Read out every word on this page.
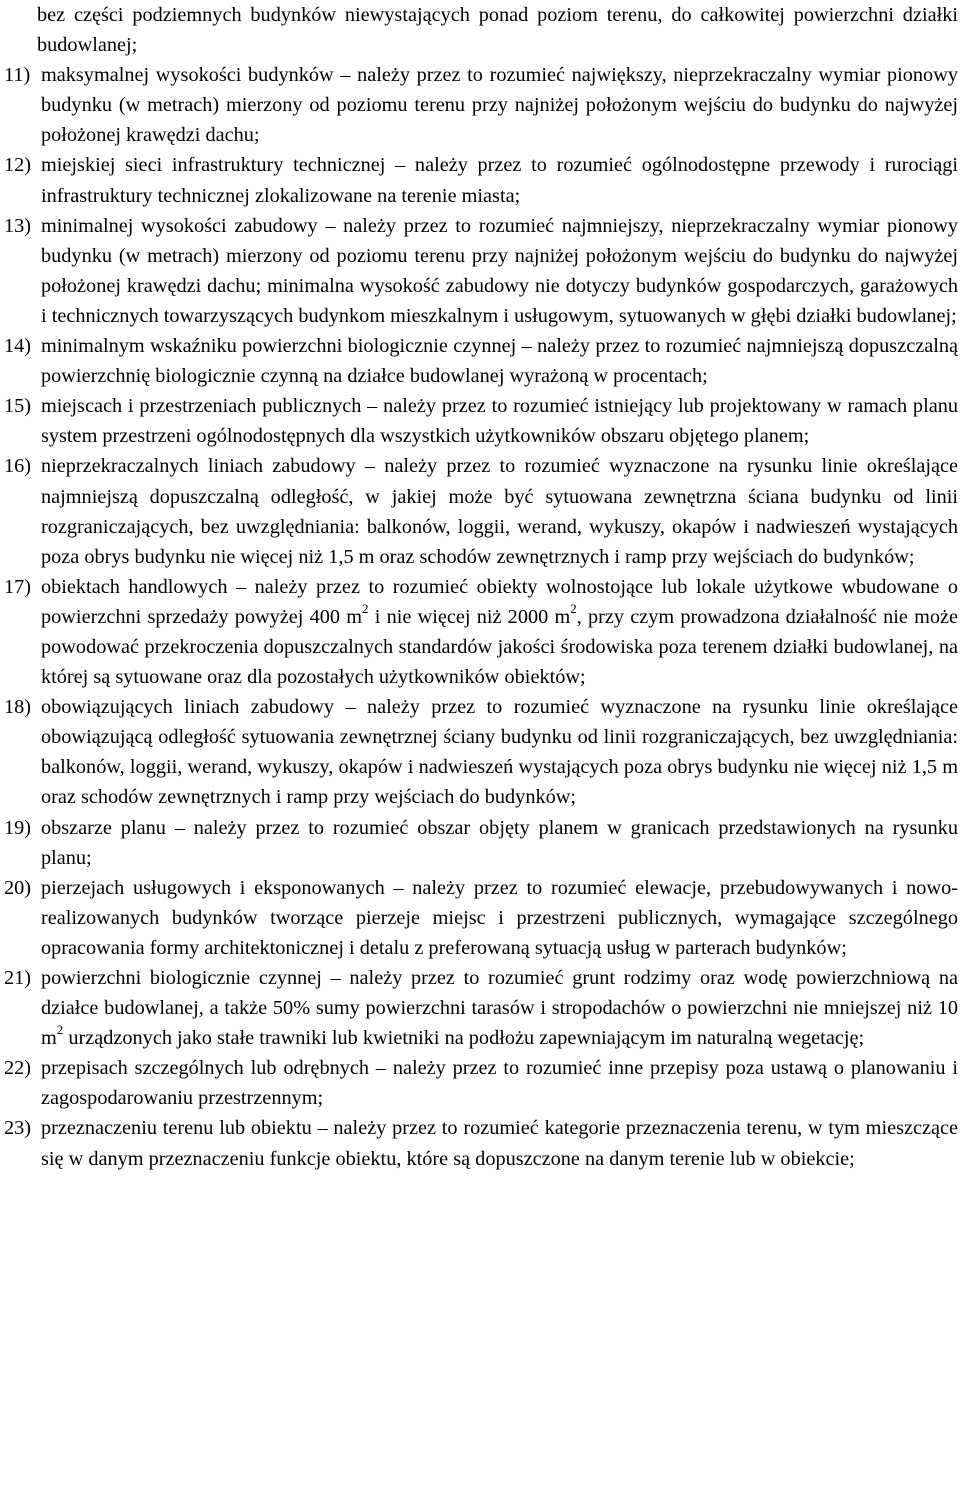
bez części podziemnych budynków niewystających ponad poziom terenu, do całkowitej powierzchni działki budowlanej;

11) maksymalnej wysokości budynków – należy przez to rozumieć największy, nieprzekraczalny wymiar pionowy budynku (w metrach) mierzony od poziomu terenu przy najniżej położonym wejściu do budynku do najwyżej położonej krawędzi dachu;

12) miejskiej sieci infrastruktury technicznej – należy przez to rozumieć ogólnodostępne przewody i rurociągi infrastruktury technicznej zlokalizowane na terenie miasta;

13) minimalnej wysokości zabudowy – należy przez to rozumieć najmniejszy, nieprzekraczalny wymiar pionowy budynku (w metrach) mierzony od poziomu terenu przy najniżej położonym wejściu do budynku do najwyżej położonej krawędzi dachu; minimalna wysokość zabudowy nie dotyczy budynków gospodarczych, garażowych i technicznych towarzyszących budynkom mieszkalnym i usługowym, sytuowanych w głębi działki budowlanej;

14) minimalnym wskaźniku powierzchni biologicznie czynnej – należy przez to rozumieć najmniejszą dopuszczalną powierzchnię biologicznie czynną na działce budowlanej wyrażoną w procentach;

15) miejscach i przestrzeniach publicznych – należy przez to rozumieć istniejący lub projektowany w ramach planu system przestrzeni ogólnodostępnych dla wszystkich użytkowników obszaru objętego planem;

16) nieprzekraczalnych liniach zabudowy – należy przez to rozumieć wyznaczone na rysunku linie określające najmniejszą dopuszczalną odległość, w jakiej może być sytuowana zewnętrzna ściana budynku od linii rozgraniczających, bez uwzględniania: balkonów, loggii, werand, wykuszy, okapów i nadwieszeń wystających poza obrys budynku nie więcej niż 1,5 m oraz schodów zewnętrznych i ramp przy wejściach do budynków;

17) obiektach handlowych – należy przez to rozumieć obiekty wolnostojące lub lokale użytkowe wbudowane o powierzchni sprzedaży powyżej 400 $m^2$ i nie więcej niż 2000 $m^2$, przy czym prowadzona działalność nie może powodować przekroczenia dopuszczalnych standardów jakości środowiska poza terenem działki budowlanej, na której są sytuowane oraz dla pozostałych użytkowników obiektów;

18) obowiązujących liniach zabudowy – należy przez to rozumieć wyznaczone na rysunku linie określające obowiązującą odległość sytuowania zewnętrznej ściany budynku od linii rozgraniczających, bez uwzględniania: balkonów, loggii, werand, wykuszy, okapów i nadwieszeń wystających poza obrys budynku nie więcej niż 1,5 m oraz schodów zewnętrznych i ramp przy wejściach do budynków;

19) obszarze planu – należy przez to rozumieć obszar objęty planem w granicach przedstawionych na rysunku planu;

20) pierzejach usługowych i eksponowanych – należy przez to rozumieć elewacje, przebudowywanych i noworealizowanych budynków tworzące pierzeje miejsc i przestrzeni publicznych, wymagające szczególnego opracowania formy architektonicznej i detalu z preferowaną sytuacją usług w parterach budynków;

21) powierzchni biologicznie czynnej – należy przez to rozumieć grunt rodzimy oraz wodę powierzchniową na działce budowlanej, a także 50% sumy powierzchni tarasów i stropodachów o powierzchni nie mniejszej niż 10 $m^2$ urządzonych jako stałe trawniki lub kwietniki na podłożu zapewniającym im naturalną wegetację;

22) przepisach szczególnych lub odrębnych – należy przez to rozumieć inne przepisy poza ustawą o planowaniu i zagospodarowaniu przestrzennym;

23) przeznaczeniu terenu lub obiektu – należy przez to rozumieć kategorie przeznaczenia terenu, w tym mieszczące się w danym przeznaczeniu funkcje obiektu, które są dopuszczone na danym terenie lub w obiekcie;
